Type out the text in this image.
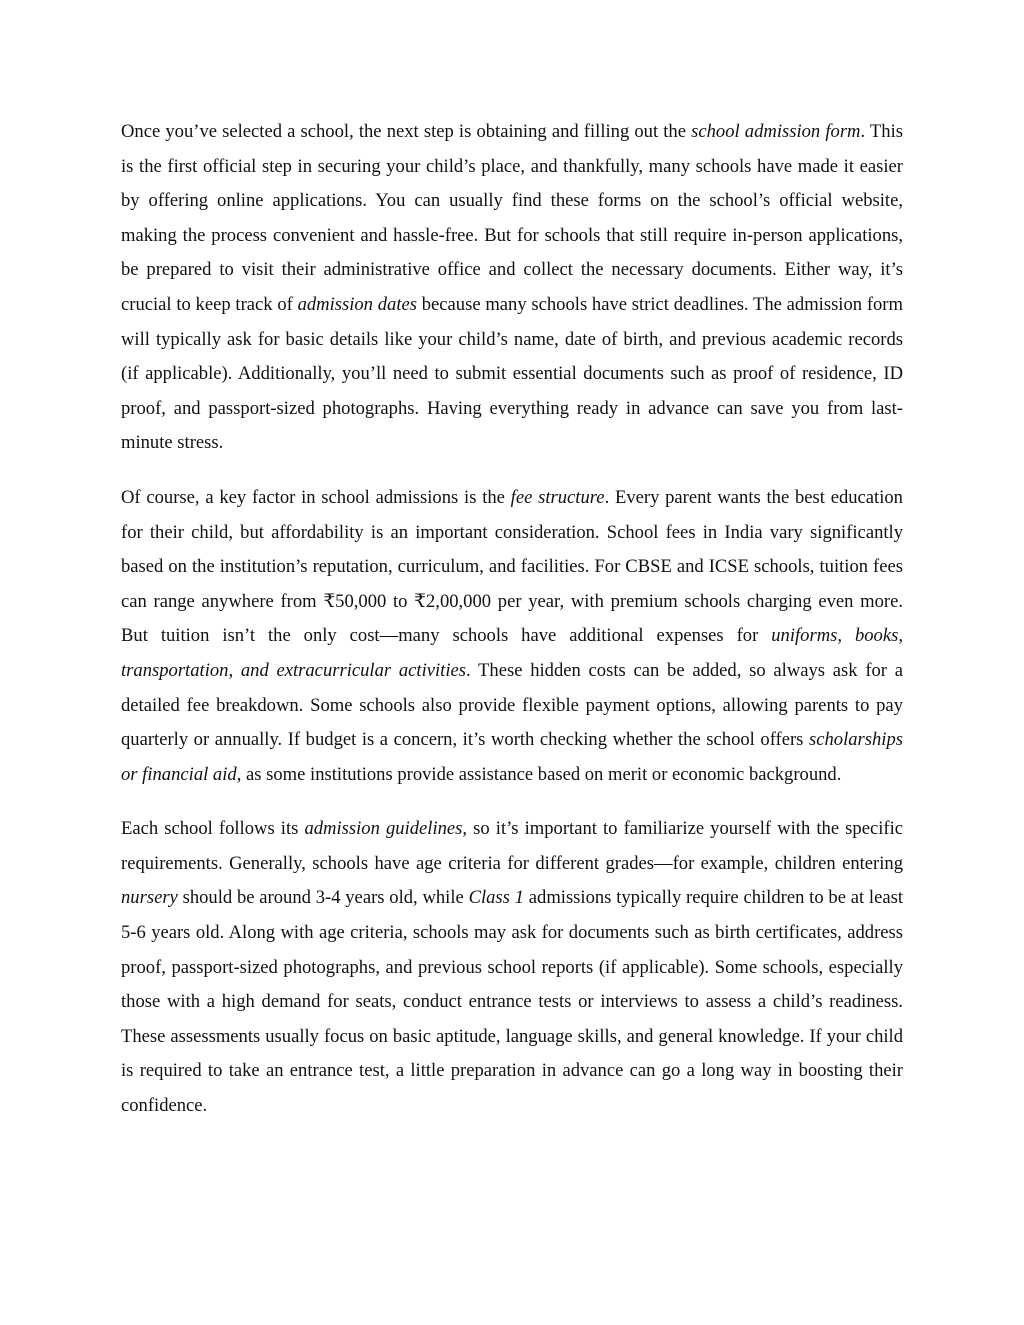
Once you’ve selected a school, the next step is obtaining and filling out the school admission form. This is the first official step in securing your child’s place, and thankfully, many schools have made it easier by offering online applications. You can usually find these forms on the school’s official website, making the process convenient and hassle-free. But for schools that still require in-person applications, be prepared to visit their administrative office and collect the necessary documents. Either way, it’s crucial to keep track of admission dates because many schools have strict deadlines. The admission form will typically ask for basic details like your child’s name, date of birth, and previous academic records (if applicable). Additionally, you’ll need to submit essential documents such as proof of residence, ID proof, and passport-sized photographs. Having everything ready in advance can save you from last-minute stress.

Of course, a key factor in school admissions is the fee structure. Every parent wants the best education for their child, but affordability is an important consideration. School fees in India vary significantly based on the institution’s reputation, curriculum, and facilities. For CBSE and ICSE schools, tuition fees can range anywhere from ₹50,000 to ₹2,00,000 per year, with premium schools charging even more. But tuition isn’t the only cost—many schools have additional expenses for uniforms, books, transportation, and extracurricular activities. These hidden costs can be added, so always ask for a detailed fee breakdown. Some schools also provide flexible payment options, allowing parents to pay quarterly or annually. If budget is a concern, it’s worth checking whether the school offers scholarships or financial aid, as some institutions provide assistance based on merit or economic background.

Each school follows its admission guidelines, so it’s important to familiarize yourself with the specific requirements. Generally, schools have age criteria for different grades—for example, children entering nursery should be around 3-4 years old, while Class 1 admissions typically require children to be at least 5-6 years old. Along with age criteria, schools may ask for documents such as birth certificates, address proof, passport-sized photographs, and previous school reports (if applicable). Some schools, especially those with a high demand for seats, conduct entrance tests or interviews to assess a child’s readiness. These assessments usually focus on basic aptitude, language skills, and general knowledge. If your child is required to take an entrance test, a little preparation in advance can go a long way in boosting their confidence.
